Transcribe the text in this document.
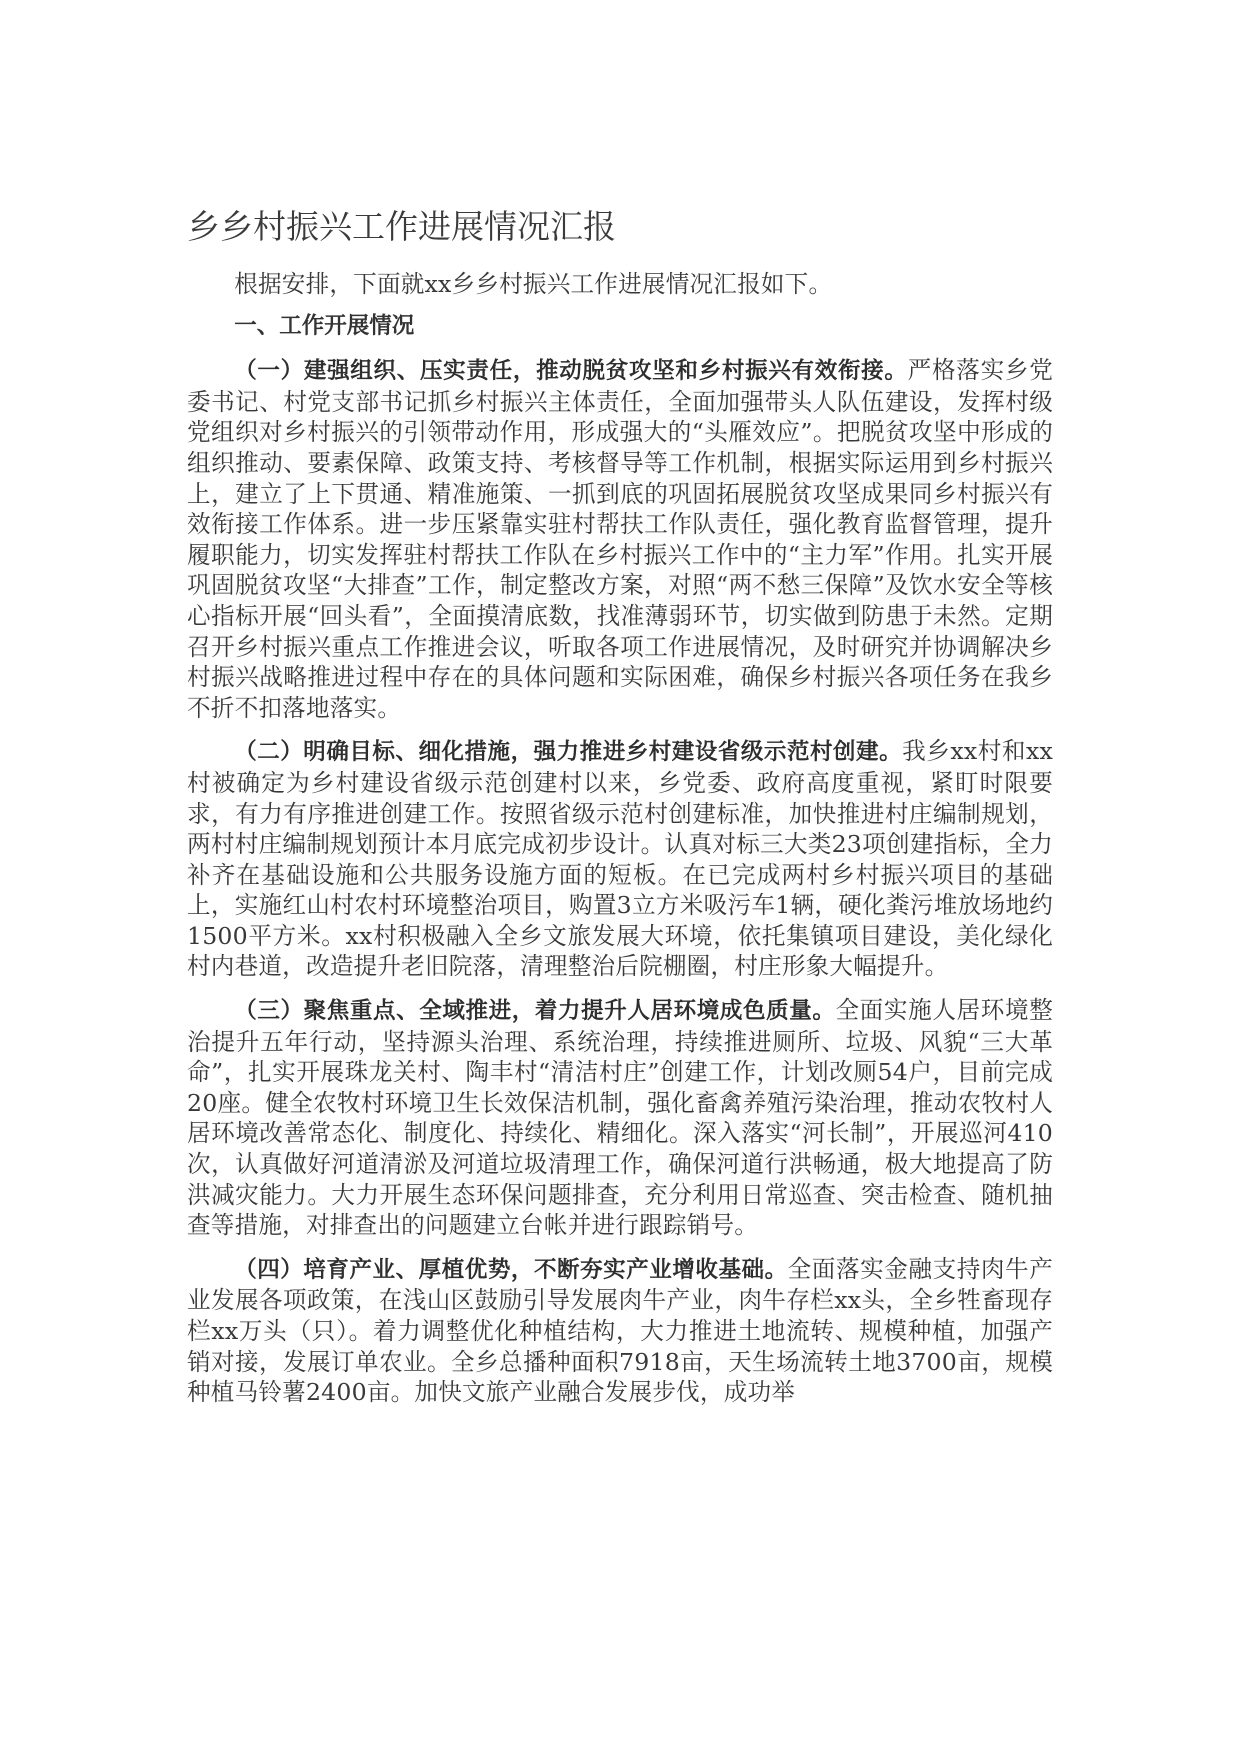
乡乡村振兴工作进展情况汇报

根据安排，下面就xx乡乡村振兴工作进展情况汇报如下。

一、工作开展情况

（一）建强组织、压实责任，推动脱贫攻坚和乡村振兴有效衔接。严格落实乡党委书记、村党支部书记抓乡村振兴主体责任，全面加强带头人队伍建设，发挥村级党组织对乡村振兴的引领带动作用，形成强大的“头雁效应”。把脱贫攻坚中形成的组织推动、要素保障、政策支持、考核督导等工作机制，根据实际运用到乡村振兴上，建立了上下贯通、精准施策、一抓到底的巩固拓展脱贫攻坚成果同乡村振兴有效衔接工作体系。进一步压紧靠实驻村帮扶工作队责任，强化教育监督管理，提升履职能力，切实发挥驻村帮扶工作队在乡村振兴工作中的“主力军”作用。扎实开展巩固脱贫攻坚“大排查”工作，制定整改方案，对照“两不愁三保障”及饮水安全等核心指标开展“回头看”，全面摸清底数，找准薄弱环节，切实做到防患于未然。定期召开乡村振兴重点工作推进会议，听取各项工作进展情况，及时研究并协调解决乡村振兴战略推进过程中存在的具体问题和实际困难，确保乡村振兴各项任务在我乡不折不扣落地落实。

（二）明确目标、细化措施，强力推进乡村建设省级示范村创建。我乡xx村和xx村被确定为乡村建设省级示范创建村以来，乡党委、政府高度重视，紧盯时限要求，有力有序推进创建工作。按照省级示范村创建标准，加快推进村庄编制规划，两村村庄编制规划预计本月底完成初步设计。认真对标三大类23项创建指标，全力补齐在基础设施和公共服务设施方面的短板。在已完成两村乡村振兴项目的基础上，实施红山村农村环境整治项目，购置3立方米吸污车1辆，硬化粪污堆放场地约1500平方米。xx村积极融入全乡文旅发展大环境，依托集镇项目建设，美化绿化村内巷道，改造提升老旧院落，清理整治后院棚圈，村庄形象大幅提升。

（三）聚焦重点、全域推进，着力提升人居环境成色质量。全面实施人居环境整治提升五年行动，坚持源头治理、系统治理，持续推进厕所、垃圾、风貌“三大革命”，扎实开展珠龙关村、陶丰村“清洁村庄”创建工作，计划改厕54户，目前完成20座。健全农牧村环境卫生长效保洁机制，强化畜禽养殖污染治理，推动农牧村人居环境改善常态化、制度化、持续化、精细化。深入落实“河长制”，开展巡河410次，认真做好河道清淤及河道垃圾清理工作，确保河道行洪畅通，极大地提高了防洪减灾能力。大力开展生态环保问题排查，充分利用日常巡查、突击检查、随机抽查等措施，对排查出的问题建立台帐并进行跟踪销号。

（四）培育产业、厚植优势，不断夯实产业增收基础。全面落实金融支持肉牛产业发展各项政策，在浅山区鼓励引导发展肉牛产业，肉牛存栏xx头，全乡牲畜现存栏xx万头（只）。着力调整优化种植结构，大力推进土地流转、规模种植，加强产销对接，发展订单农业。全乡总播种面积7918亩，天生场流转土地3700亩，规模种植马铃薯2400亩。加快文旅产业融合发展步伐，成功举
